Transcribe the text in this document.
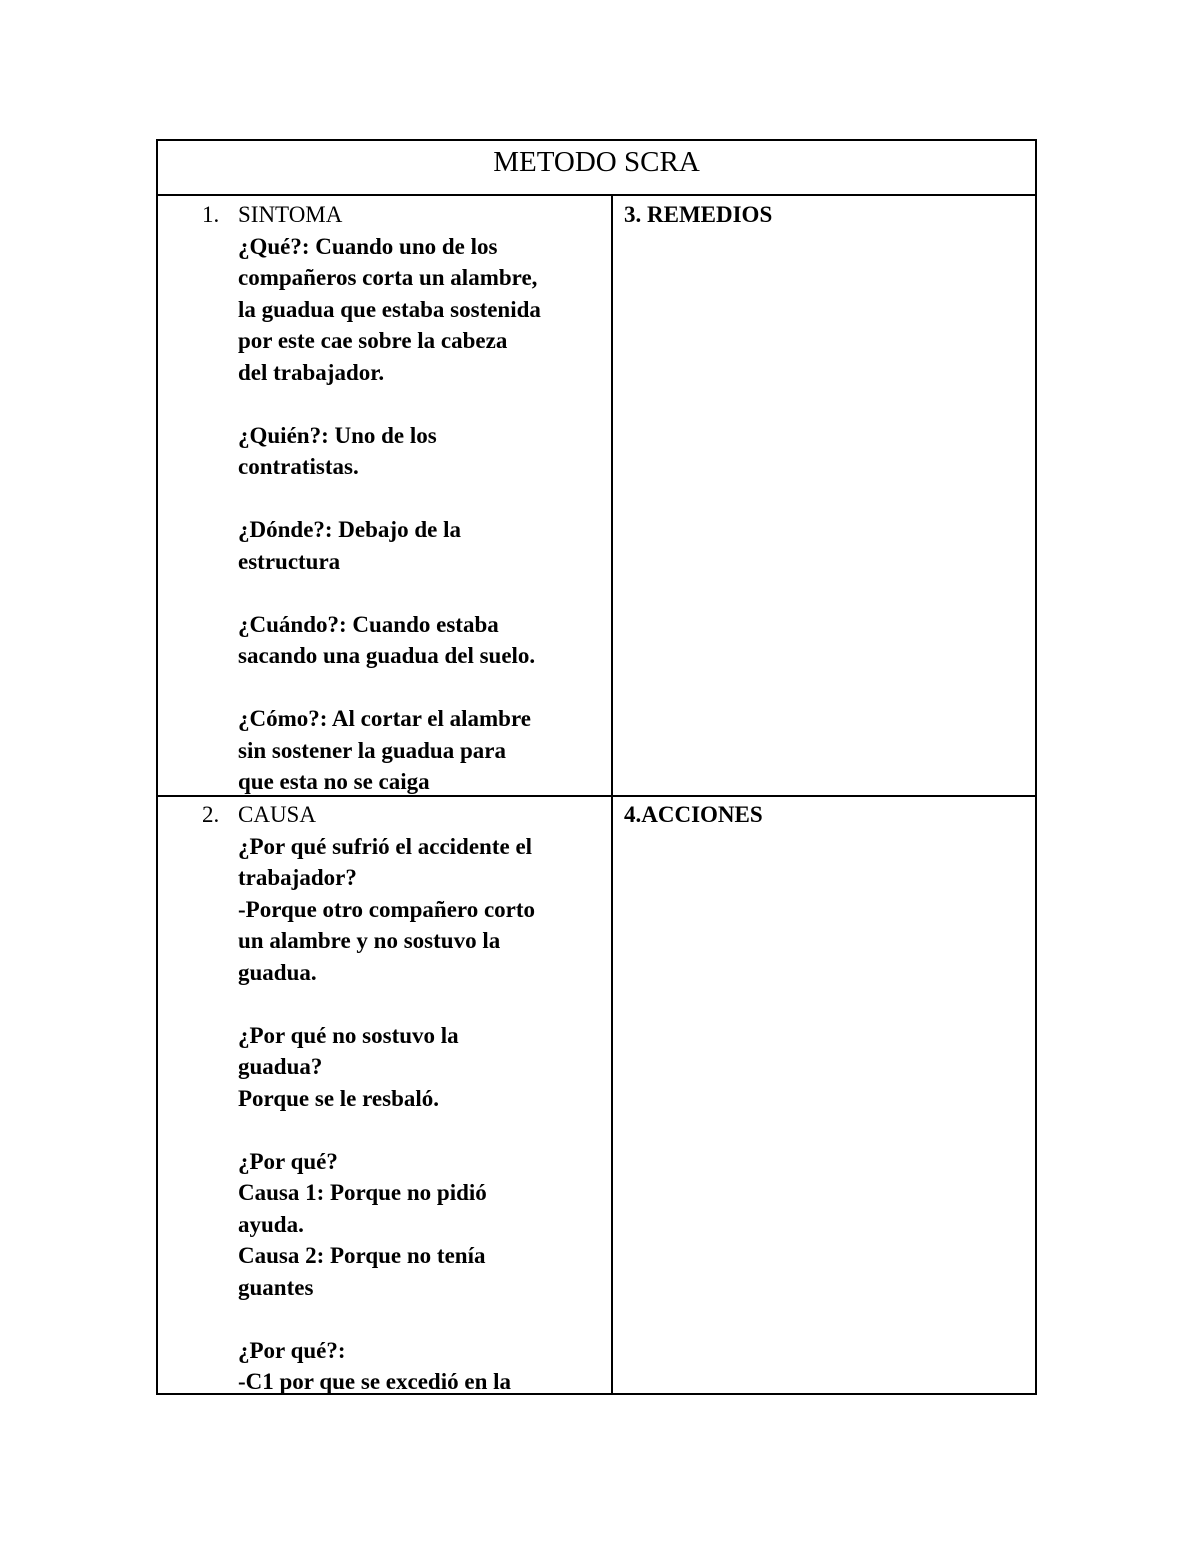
METODO SCRA
1. SINTOMA
¿Qué?: Cuando uno de los
compañeros corta un alambre,
la guadua que estaba sostenida
por este cae sobre la cabeza
del trabajador.
¿Quién?: Uno de los
contratistas.
¿Dónde?: Debajo de la
estructura
¿Cuándo?: Cuando estaba
sacando una guadua del suelo.
¿Cómo?: Al cortar el alambre
sin sostener la guadua para
que esta no se caiga
3. REMEDIOS
2. CAUSA
¿Por qué sufrió el accidente el
trabajador?
-Porque otro compañero corto
un alambre y no sostuvo la
guadua.
¿Por qué no sostuvo la
guadua?
Porque se le resbaló.
¿Por qué?
Causa 1: Porque no pidió
ayuda.
Causa 2: Porque no tenía
guantes
¿Por qué?:
-C1 por que se excedió en la
4.ACCIONES
